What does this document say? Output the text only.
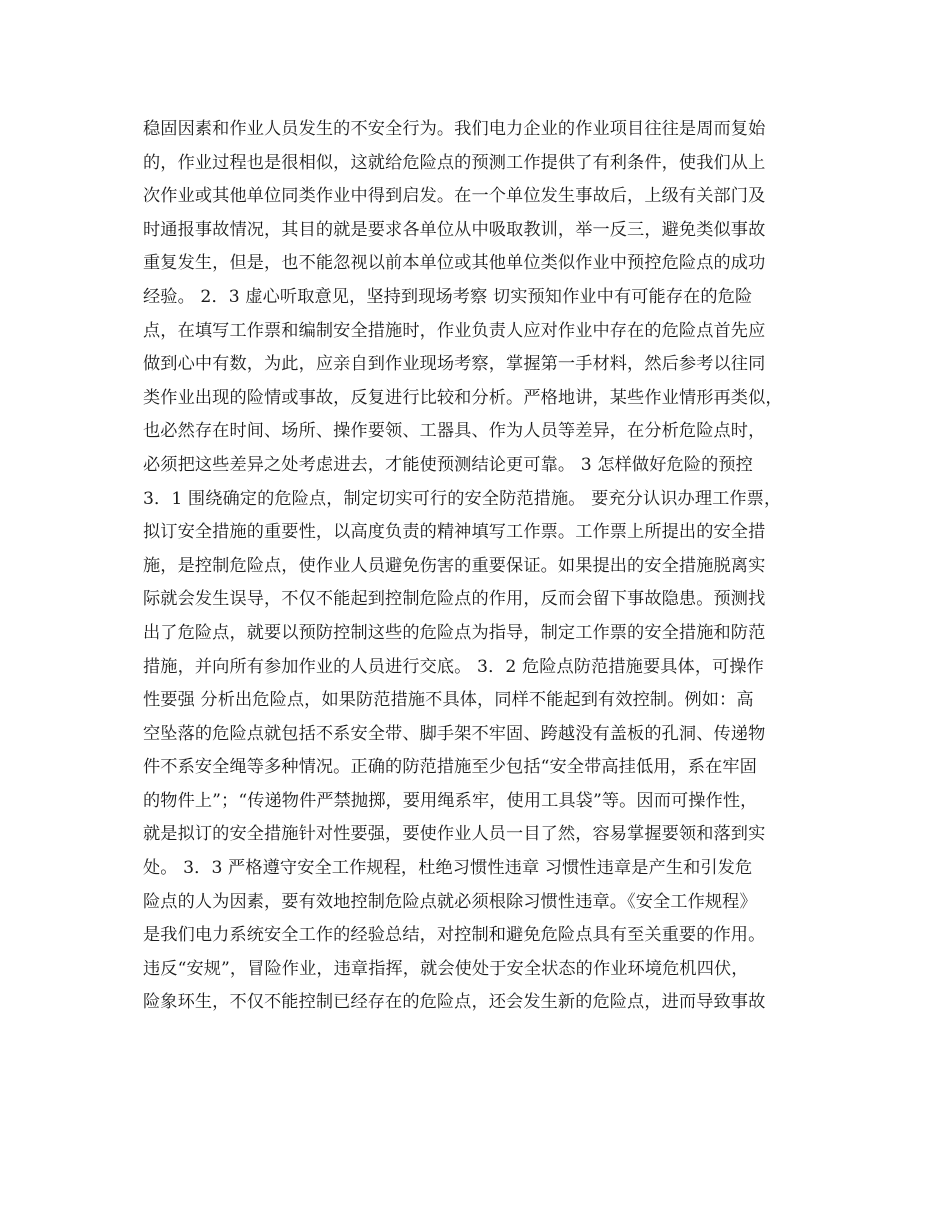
稳固因素和作业人员发生的不安全行为。我们电力企业的作业项目往往是周而复始
的，作业过程也是很相似，这就给危险点的预测工作提供了有利条件，使我们从上
次作业或其他单位同类作业中得到启发。在一个单位发生事故后，上级有关部门及
时通报事故情况，其目的就是要求各单位从中吸取教训，举一反三，避免类似事故
重复发生，但是，也不能忽视以前本单位或其他单位类似作业中预控危险点的成功
经验。 2．3 虚心听取意见，坚持到现场考察 切实预知作业中有可能存在的危险
点，在填写工作票和编制安全措施时，作业负责人应对作业中存在的危险点首先应
做到心中有数，为此，应亲自到作业现场考察，掌握第一手材料，然后参考以往同
类作业出现的险情或事故，反复进行比较和分析。严格地讲，某些作业情形再类似，
也必然存在时间、场所、操作要领、工器具、作为人员等差异，在分析危险点时，
必须把这些差异之处考虑进去，才能使预测结论更可靠。 3 怎样做好危险的预控
3．1 围绕确定的危险点，制定切实可行的安全防范措施。 要充分认识办理工作票，
拟订安全措施的重要性，以高度负责的精神填写工作票。工作票上所提出的安全措
施，是控制危险点，使作业人员避免伤害的重要保证。如果提出的安全措施脱离实
际就会发生误导，不仅不能起到控制危险点的作用，反而会留下事故隐患。预测找
出了危险点，就要以预防控制这些的危险点为指导，制定工作票的安全措施和防范
措施，并向所有参加作业的人员进行交底。 3．2 危险点防范措施要具体，可操作
性要强 分析出危险点，如果防范措施不具体，同样不能起到有效控制。例如：高
空坠落的危险点就包括不系安全带、脚手架不牢固、跨越没有盖板的孔洞、传递物
件不系安全绳等多种情况。正确的防范措施至少包括“安全带高挂低用，系在牢固
的物件上”；“传递物件严禁抛掷，要用绳系牢，使用工具袋”等。因而可操作性，
就是拟订的安全措施针对性要强，要使作业人员一目了然，容易掌握要领和落到实
处。 3．3 严格遵守安全工作规程，杜绝习惯性违章 习惯性违章是产生和引发危
险点的人为因素，要有效地控制危险点就必须根除习惯性违章。《安全工作规程》
是我们电力系统安全工作的经验总结，对控制和避免危险点具有至关重要的作用。
违反“安规”，冒险作业，违章指挥，就会使处于安全状态的作业环境危机四伏，
险象环生，不仅不能控制已经存在的危险点，还会发生新的危险点，进而导致事故
